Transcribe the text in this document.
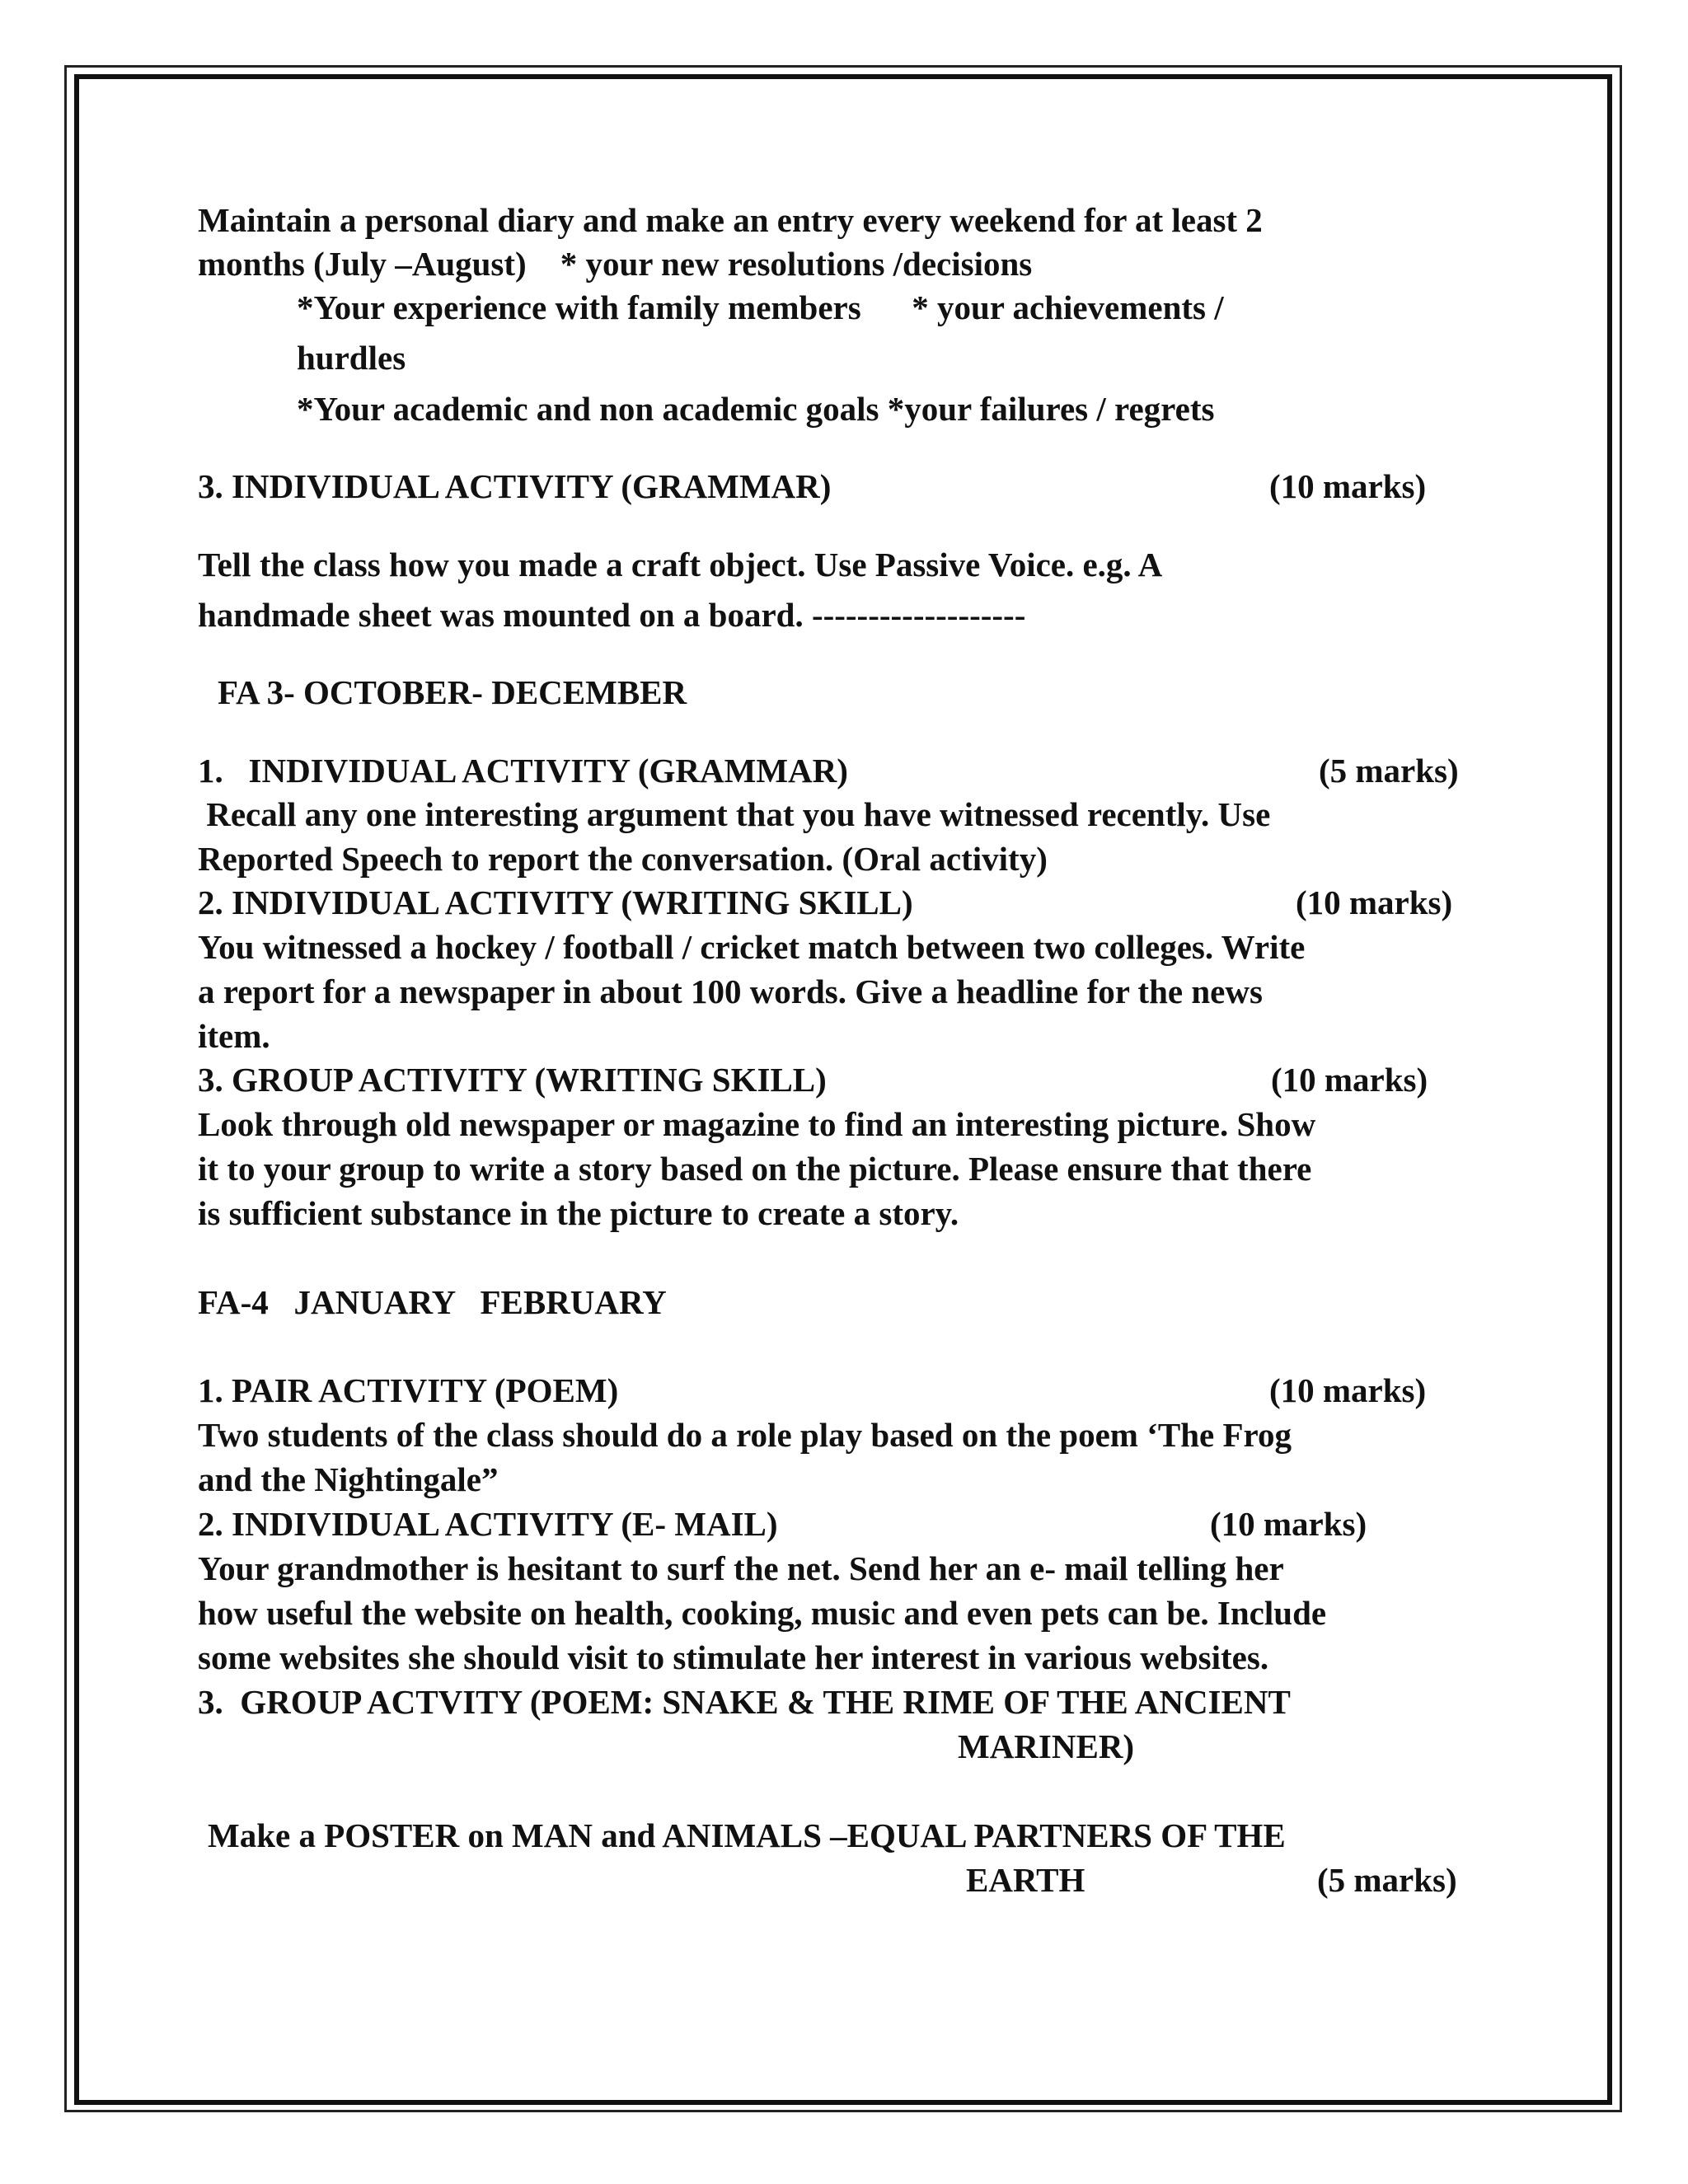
Maintain a personal diary and make an entry every weekend for at least 2
months (July –August)    * your new resolutions /decisions
*Your experience with family members      * your achievements /
hurdles
*Your academic and non academic goals *your failures / regrets
3. INDIVIDUAL ACTIVITY (GRAMMAR)	(10 marks)
Tell the class how you made a craft object. Use Passive Voice. e.g. A
handmade sheet was mounted on a board. -------------------
FA 3- OCTOBER- DECEMBER
1.   INDIVIDUAL ACTIVITY (GRAMMAR)	(5 marks)
Recall any one interesting argument that you have witnessed recently. Use
Reported Speech to report the conversation. (Oral activity)
2. INDIVIDUAL ACTIVITY (WRITING SKILL)	(10 marks)
You witnessed a hockey / football / cricket match between two colleges. Write
a report for a newspaper in about 100 words. Give a headline for the news
item.
3. GROUP ACTIVITY (WRITING SKILL)	(10 marks)
Look through old newspaper or magazine to find an interesting picture. Show
it to your group to write a story based on the picture. Please ensure that there
is sufficient substance in the picture to create a story.
FA-4   JANUARY   FEBRUARY
1. PAIR ACTIVITY (POEM)	(10 marks)
Two students of the class should do a role play based on the poem ‘The Frog
and the Nightingale”
2. INDIVIDUAL ACTIVITY (E- MAIL)	(10 marks)
Your grandmother is hesitant to surf the net. Send her an e- mail telling her
how useful the website on health, cooking, music and even pets can be. Include
some websites she should visit to stimulate her interest in various websites.
3.  GROUP ACTVITY (POEM: SNAKE & THE RIME OF THE ANCIENT
MARINER)
Make a POSTER on MAN and ANIMALS –EQUAL PARTNERS OF THE
EARTH	(5 marks)
